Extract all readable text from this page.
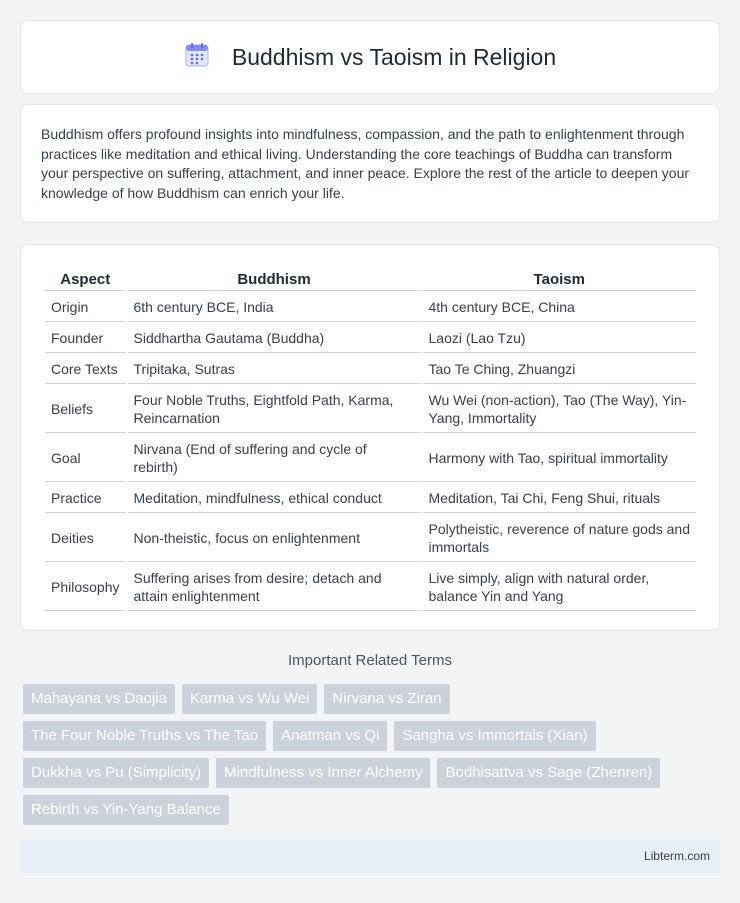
Buddhism vs Taoism in Religion

Buddhism offers profound insights into mindfulness, compassion, and the path to enlightenment through practices like meditation and ethical living. Understanding the core teachings of Buddha can transform your perspective on suffering, attachment, and inner peace. Explore the rest of the article to deepen your knowledge of how Buddhism can enrich your life.

Aspect	Buddhism	Taoism
Origin	6th century BCE, India	4th century BCE, China
Founder	Siddhartha Gautama (Buddha)	Laozi (Lao Tzu)
Core Texts	Tripitaka, Sutras	Tao Te Ching, Zhuangzi
Beliefs	Four Noble Truths, Eightfold Path, Karma, Reincarnation	Wu Wei (non-action), Tao (The Way), Yin-Yang, Immortality
Goal	Nirvana (End of suffering and cycle of rebirth)	Harmony with Tao, spiritual immortality
Practice	Meditation, mindfulness, ethical conduct	Meditation, Tai Chi, Feng Shui, rituals
Deities	Non-theistic, focus on enlightenment	Polytheistic, reverence of nature gods and immortals
Philosophy	Suffering arises from desire; detach and attain enlightenment	Live simply, align with natural order, balance Yin and Yang
Important Related Terms
Mahayana vs Daojia	Karma vs Wu Wei	Nirvana vs Ziran
The Four Noble Truths vs The Tao	Anatman vs Qi	Sangha vs Immortals (Xian)
Dukkha vs Pu (Simplicity)	Mindfulness vs Inner Alchemy	Bodhisattva vs Sage (Zhenren)
Rebirth vs Yin-Yang Balance
Libterm.com
